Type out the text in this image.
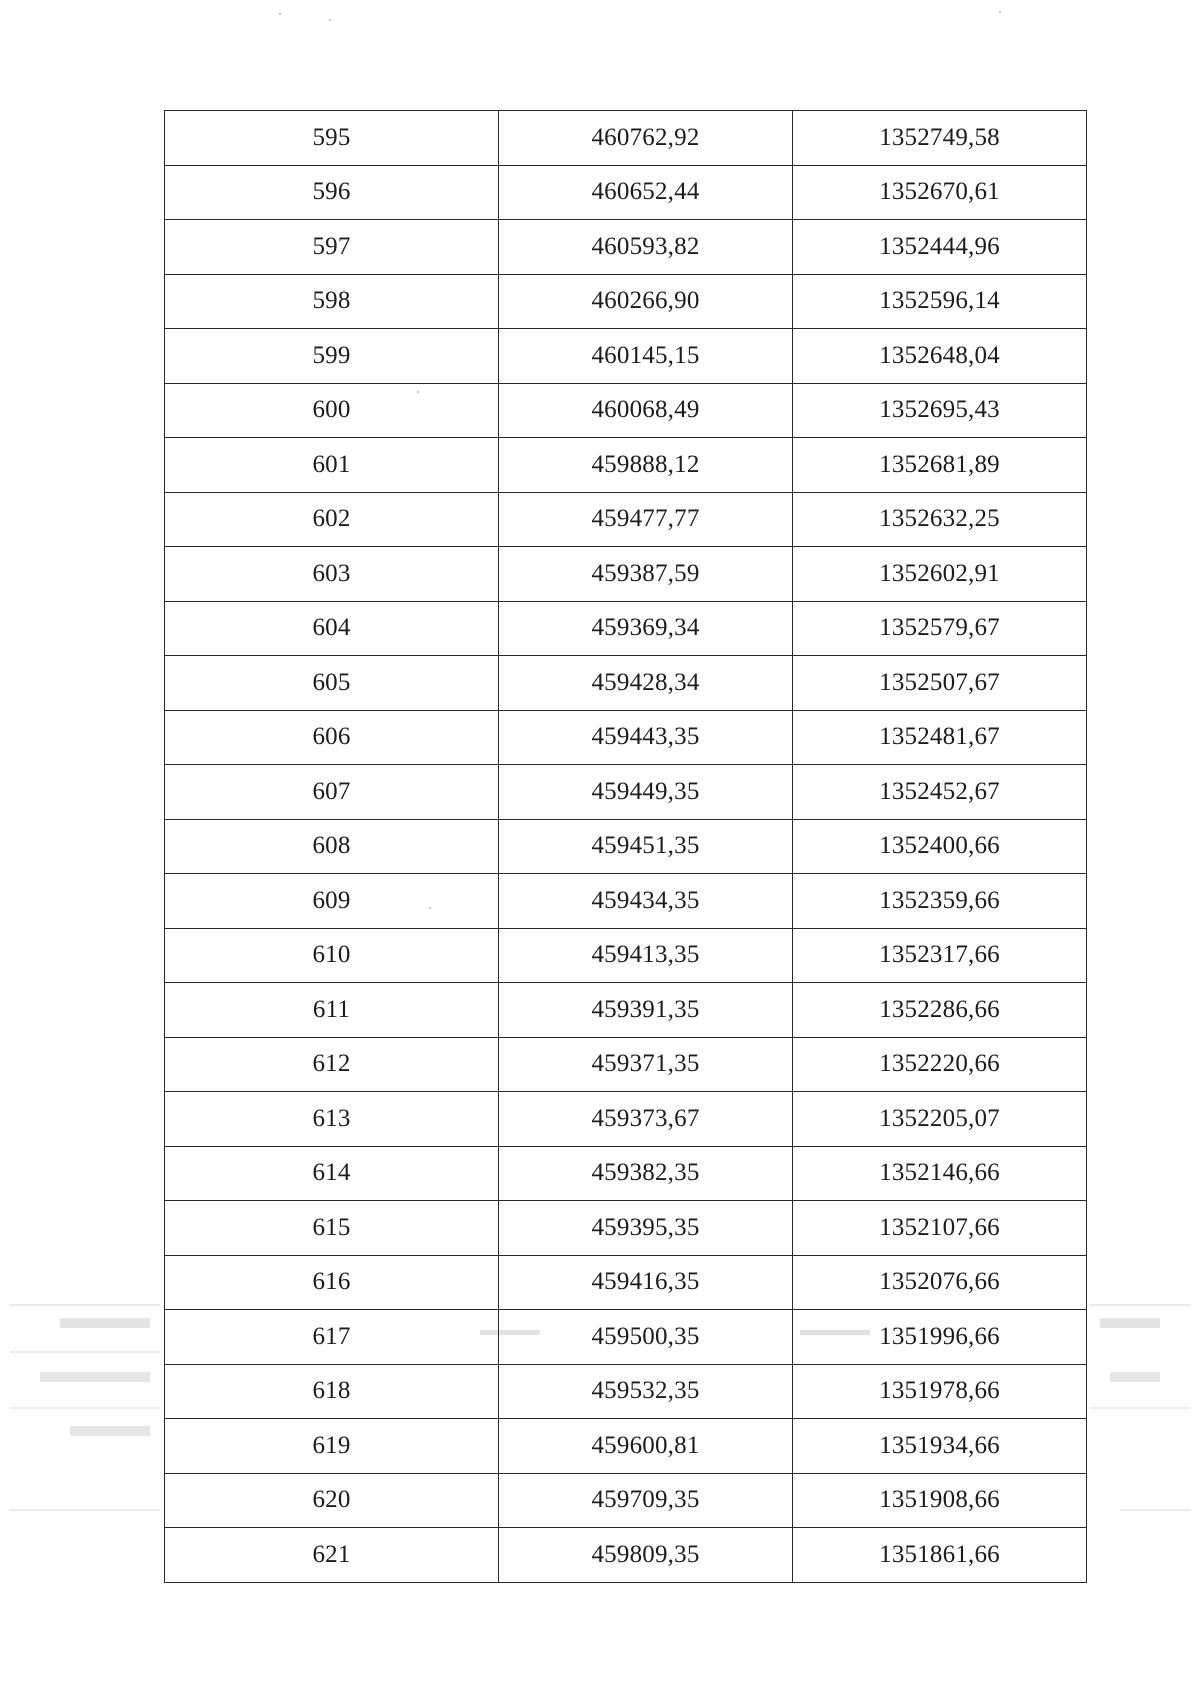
595	460762,92	1352749,58
596	460652,44	1352670,61
597	460593,82	1352444,96
598	460266,90	1352596,14
599	460145,15	1352648,04
600	460068,49	1352695,43
601	459888,12	1352681,89
602	459477,77	1352632,25
603	459387,59	1352602,91
604	459369,34	1352579,67
605	459428,34	1352507,67
606	459443,35	1352481,67
607	459449,35	1352452,67
608	459451,35	1352400,66
609	459434,35	1352359,66
610	459413,35	1352317,66
611	459391,35	1352286,66
612	459371,35	1352220,66
613	459373,67	1352205,07
614	459382,35	1352146,66
615	459395,35	1352107,66
616	459416,35	1352076,66
617	459500,35	1351996,66
618	459532,35	1351978,66
619	459600,81	1351934,66
620	459709,35	1351908,66
621	459809,35	1351861,66
